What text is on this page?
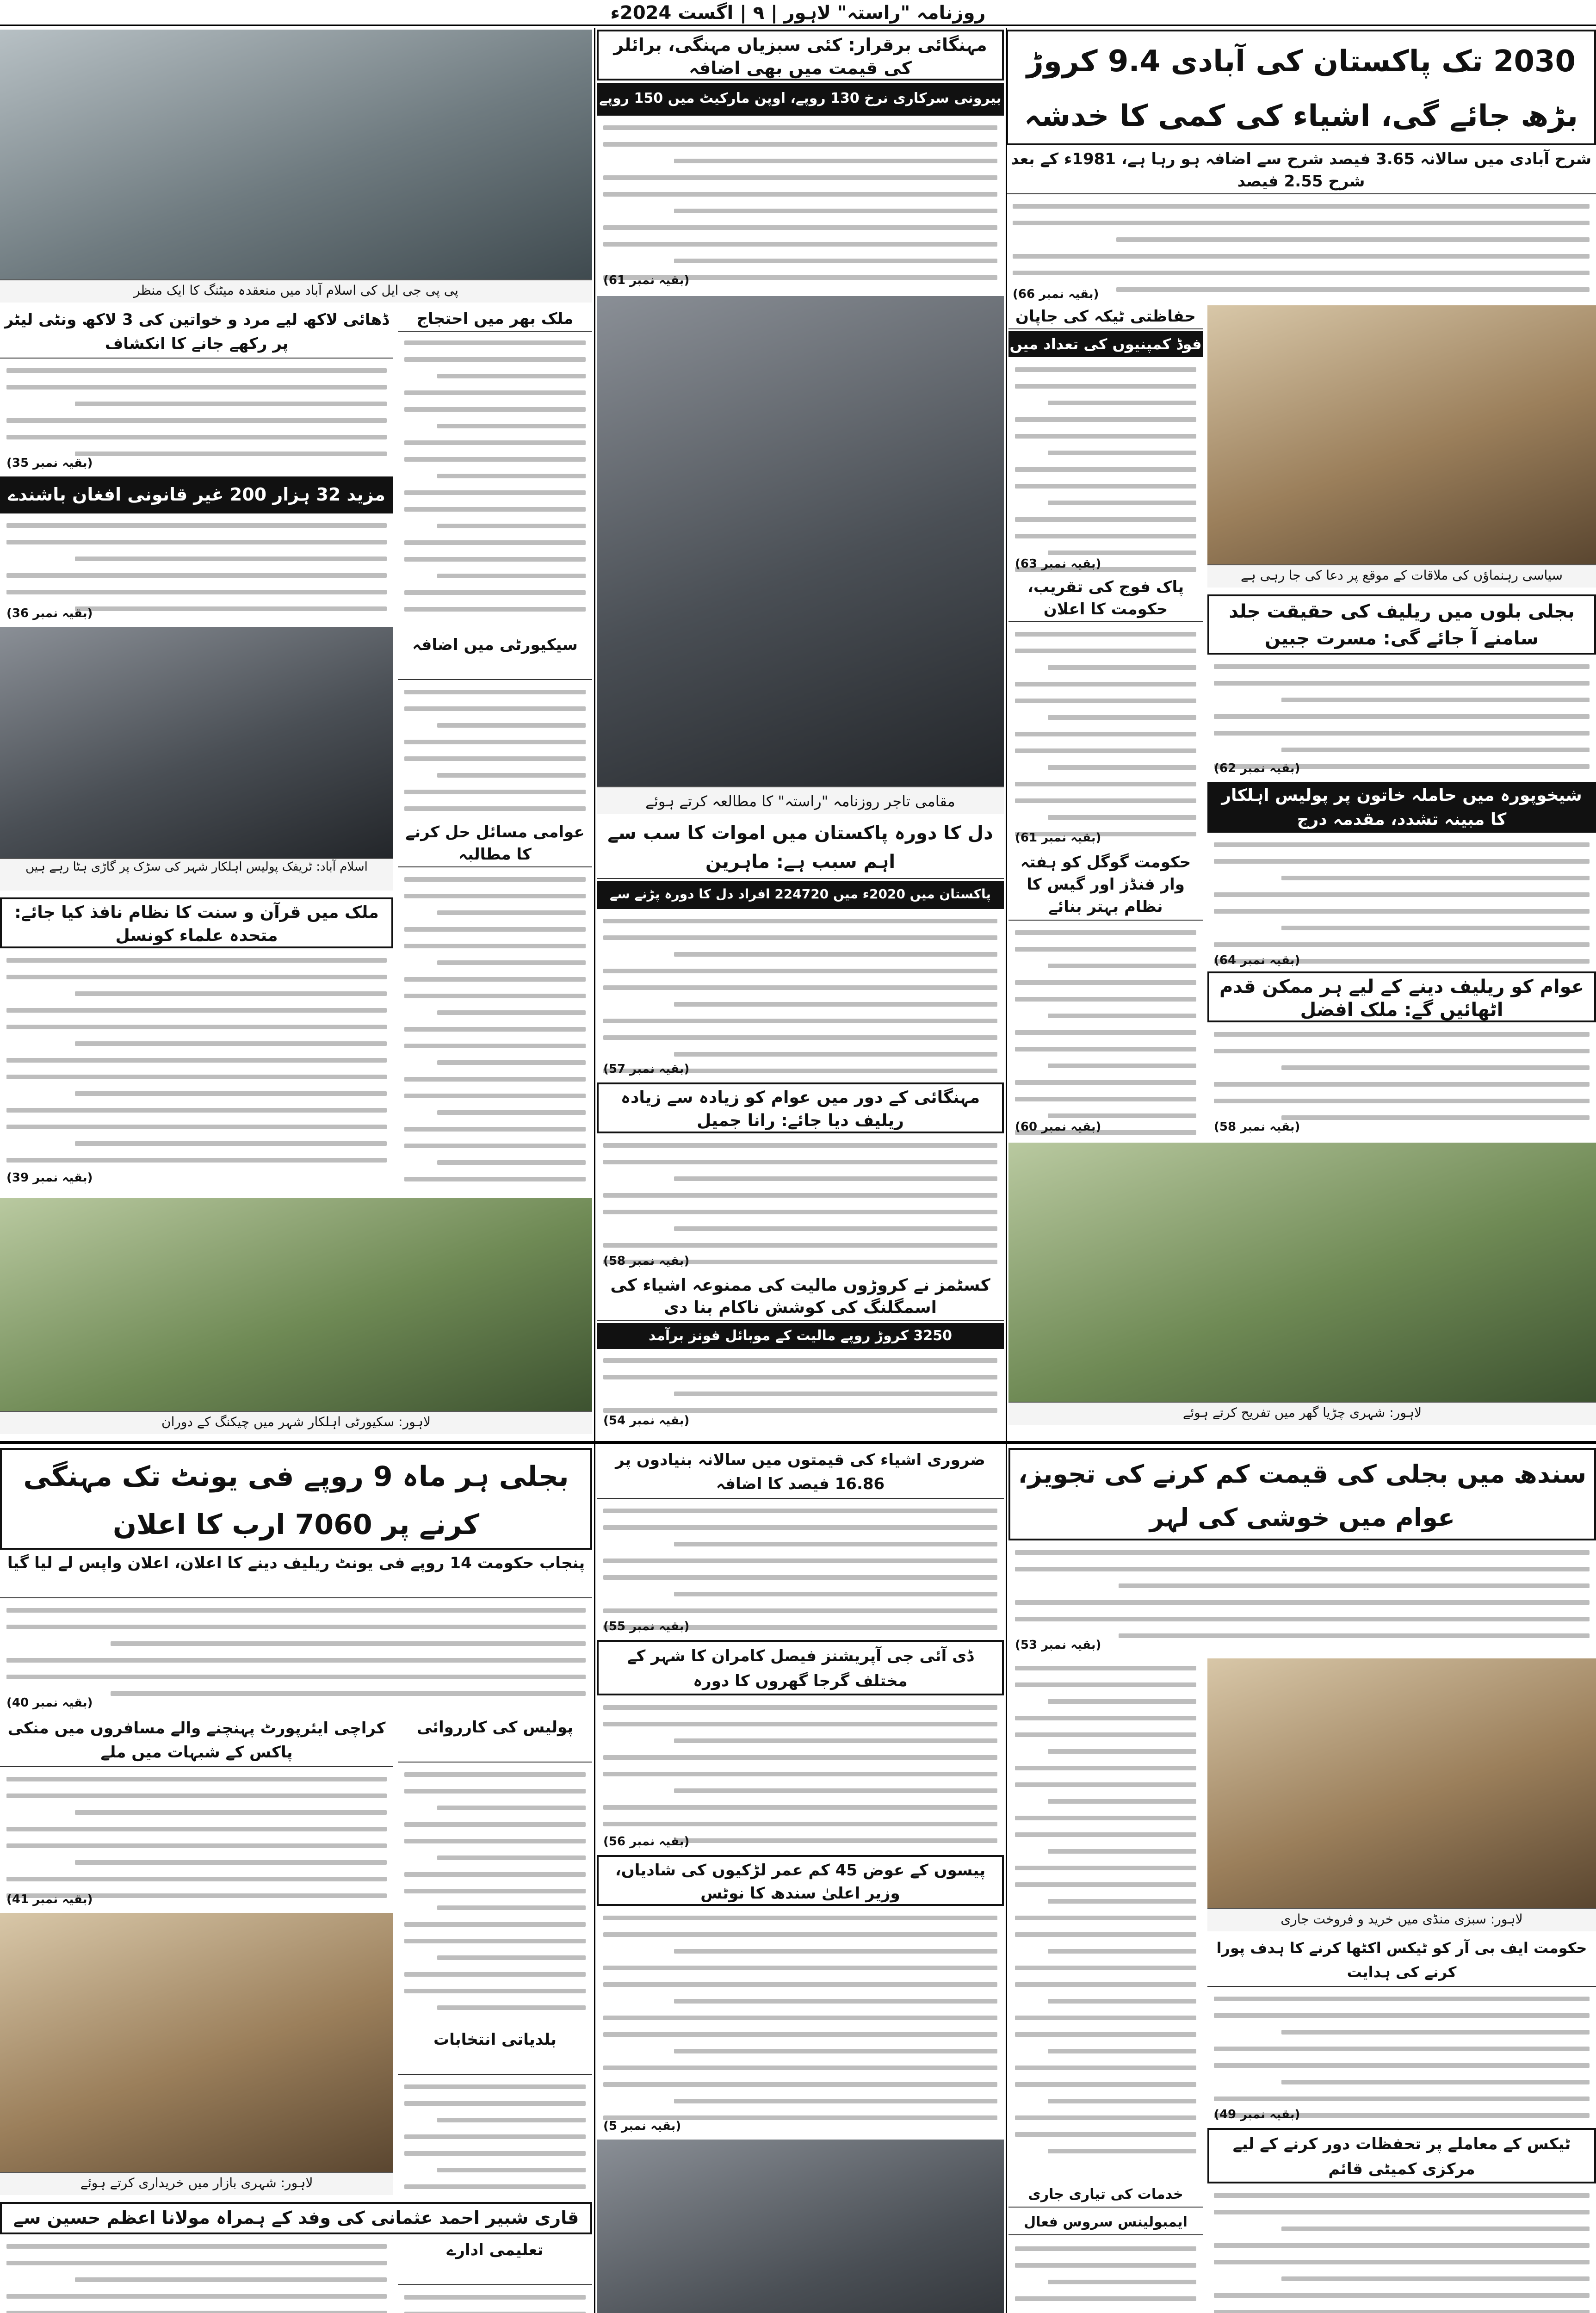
روزنامہ "راستہ" لاہور | ۹ | اگست 2024ء
2030 تک پاکستان کی آبادی 9.4 کروڑ بڑھ جائے گی، اشیاء کی کمی کا خدشہ
شرح آبادی میں سالانہ 3.65 فیصد شرح سے اضافہ ہو رہا ہے، 1981ء کے بعد شرح 2.55 فیصد
(بقیہ نمبر 66)
سیاسی رہنماؤں کی ملاقات کے موقع پر دعا کی جا رہی ہے
حفاظتی ٹیکہ کی جاپان
فوڈ کمپنیوں کی تعداد میں
(بقیہ نمبر 63)
پاک فوج کی تقریب، حکومت کا اعلان
(بقیہ نمبر 61)
حکومت گوگل کو ہفتہ وار فنڈز اور گیس کا نظام بہتر بنائے
(بقیہ نمبر 60)
بجلی بلوں میں ریلیف کی حقیقت جلد سامنے آ جائے گی: مسرت جبین
(بقیہ نمبر 62)
شیخوپورہ میں حاملہ خاتون پر پولیس اہلکار کا مبینہ تشدد، مقدمہ درج
(بقیہ نمبر 64)
عوام کو ریلیف دینے کے لیے ہر ممکن قدم اٹھائیں گے: ملک افضل
(بقیہ نمبر 58)
لاہور: شہری چڑیا گھر میں تفریح کرتے ہوئے
مہنگائی برقرار: کئی سبزیاں مہنگی، برائلر کی قیمت میں بھی اضافہ
بیرونی سرکاری نرخ 130 روپے، اوپن مارکیٹ میں 150 روپے
(بقیہ نمبر 61)
مقامی تاجر روزنامہ "راستہ" کا مطالعہ کرتے ہوئے
دل کا دورہ پاکستان میں اموات کا سب سے اہم سبب ہے: ماہرین
پاکستان میں 2020ء میں 224720 افراد دل کا دورہ پڑنے سے
(بقیہ نمبر 57)
مہنگائی کے دور میں عوام کو زیادہ سے زیادہ ریلیف دیا جائے: رانا جمیل
(بقیہ نمبر 58)
کسٹمز نے کروڑوں مالیت کی ممنوعہ اشیاء کی اسمگلنگ کی کوشش ناکام بنا دی
3250 کروڑ روپے مالیت کے موبائل فونز برآمد
(بقیہ نمبر 54)
پی پی جی ایل کی اسلام آباد میں منعقدہ میٹنگ کا ایک منظر
ملک بھر میں احتجاج
سیکیورٹی میں اضافہ
عوامی مسائل حل کرنے کا مطالبہ
ڈھائی لاکھ لیے مرد و خواتین کی 3 لاکھ ونٹی لیٹر پر رکھے جانے کا انکشاف
(بقیہ نمبر 35)
مزید 32 ہزار 200 غیر قانونی افغان باشندے
(بقیہ نمبر 36)
اسلام آباد: ٹریفک پولیس اہلکار شہر کی سڑک پر گاڑی ہٹا رہے ہیں
ملک میں قرآن و سنت کا نظام نافذ کیا جائے: متحدہ علماء کونسل
(بقیہ نمبر 39)
لاہور: سکیورٹی اہلکار شہر میں چیکنگ کے دوران
بجلی ہر ماہ 9 روپے فی یونٹ تک مہنگی کرنے پر 7060 ارب کا اعلان
پنجاب حکومت 14 روپے فی یونٹ ریلیف دینے کا اعلان، اعلان واپس لے لیا گیا
(بقیہ نمبر 40)
کراچی ایئرپورٹ پہنچنے والے مسافروں میں منکی پاکس کے شبہات میں ملے
(بقیہ نمبر 41)
لاہور: شہری بازار میں خریداری کرتے ہوئے
قاری شبیر احمد عثمانی کی وفد کے ہمراہ مولانا اعظم حسین سے
پولیس کی کارروائی
بلدیاتی انتخابات
تعلیمی ادارے
ضروری اشیاء کی قیمتوں میں سالانہ بنیادوں پر 16.86 فیصد کا اضافہ
(بقیہ نمبر 55)
ڈی آئی جی آپریشنز فیصل کامران کا شہر کے مختلف گرجا گھروں کا دورہ
(بقیہ نمبر 56)
پیسوں کے عوض 45 کم عمر لڑکیوں کی شادیاں، وزیر اعلیٰ سندھ کا نوٹس
(بقیہ نمبر 5)
سندھ میں بجلی کی قیمت کم کرنے کی تجویز، عوام میں خوشی کی لہر
(بقیہ نمبر 53)
لاہور: سبزی منڈی میں خرید و فروخت جاری
حکومت ایف بی آر کو ٹیکس اکٹھا کرنے کا ہدف پورا کرنے کی ہدایت
(بقیہ نمبر 49)
خدمات کی تیاری جاری
ایمبولینس سروس فعال
ٹیکس کے معاملے پر تحفظات دور کرنے کے لیے مرکزی کمیٹی قائم
